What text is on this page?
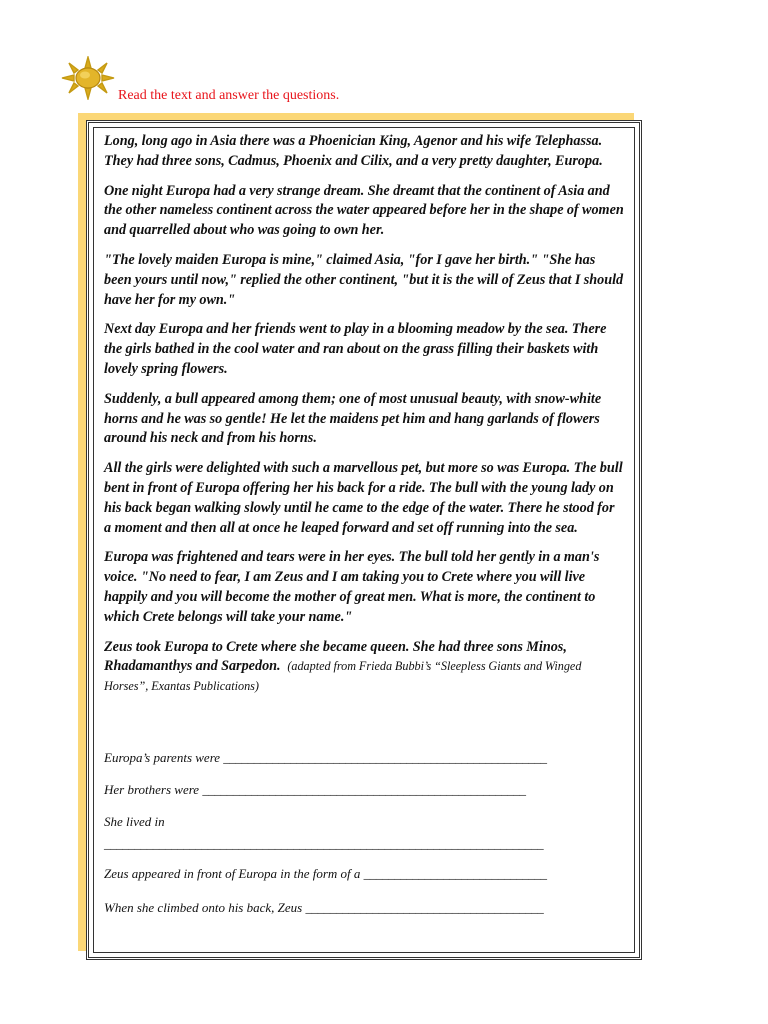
Read the text and answer the questions.

Long, long ago in Asia there was a Phoenician King, Agenor and his wife Telephassa. They had three sons, Cadmus, Phoenix and Cilix, and a very pretty daughter, Europa.

One night Europa had a very strange dream. She dreamt that the continent of Asia and the other nameless continent across the water appeared before her in the shape of women and quarrelled about who was going to own her.

"The lovely maiden Europa is mine," claimed Asia, "for I gave her birth." "She has been yours until now," replied the other continent, "but it is the will of Zeus that I should have her for my own."

Next day Europa and her friends went to play in a blooming meadow by the sea. There the girls bathed in the cool water and ran about on the grass filling their baskets with lovely spring flowers.

Suddenly, a bull appeared among them; one of most unusual beauty, with snow-white horns and he was so gentle! He let the maidens pet him and hang garlands of flowers around his neck and from his horns.

All the girls were delighted with such a marvellous pet, but more so was Europa. The bull bent in front of Europa offering her his back for a ride. The bull with the young lady on his back began walking slowly until he came to the edge of the water. There he stood for a moment and then all at once he leaped forward and set off running into the sea.

Europa was frightened and tears were in her eyes. The bull told her gently in a man's voice. "No need to fear, I am Zeus and I am taking you to Crete where you will live happily and you will become the mother of great men. What is more, the continent to which Crete belongs will take your name."

Zeus took Europa to Crete where she became queen. She had three sons Minos, Rhadamanthys and Sarpedon. (adapted from Frieda Bubbi’s “Sleepless Giants and Winged Horses”, Exantas Publications)

Europa’s parents were _____________________________________________________
Her brothers were _____________________________________________________
She lived in
________________________________________________________________________
Zeus appeared in front of Europa in the form of a ______________________________
When she climbed onto his back, Zeus _______________________________________
